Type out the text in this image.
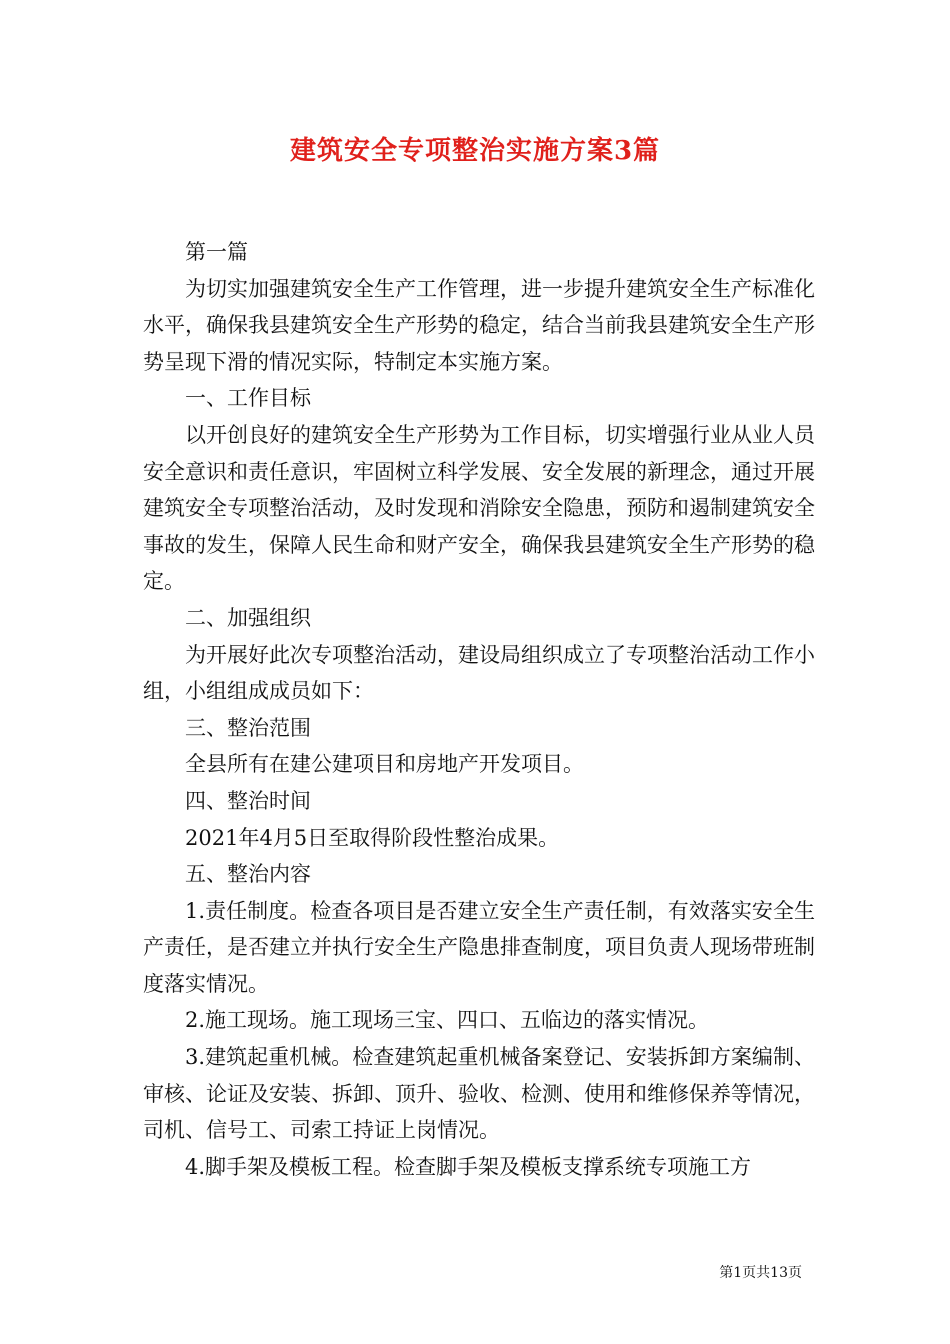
建筑安全专项整治实施方案3篇

第一篇

为切实加强建筑安全生产工作管理，进一步提升建筑安全生产标准化水平，确保我县建筑安全生产形势的稳定，结合当前我县建筑安全生产形势呈现下滑的情况实际，特制定本实施方案。

一、工作目标

以开创良好的建筑安全生产形势为工作目标，切实增强行业从业人员安全意识和责任意识，牢固树立科学发展、安全发展的新理念，通过开展建筑安全专项整治活动，及时发现和消除安全隐患，预防和遏制建筑安全事故的发生，保障人民生命和财产安全，确保我县建筑安全生产形势的稳定。

二、加强组织

为开展好此次专项整治活动，建设局组织成立了专项整治活动工作小组，小组组成成员如下：

三、整治范围

全县所有在建公建项目和房地产开发项目。

四、整治时间

2021年4月5日至取得阶段性整治成果。

五、整治内容

1.责任制度。检查各项目是否建立安全生产责任制，有效落实安全生产责任，是否建立并执行安全生产隐患排查制度，项目负责人现场带班制度落实情况。

2.施工现场。施工现场三宝、四口、五临边的落实情况。

3.建筑起重机械。检查建筑起重机械备案登记、安装拆卸方案编制、审核、论证及安装、拆卸、顶升、验收、检测、使用和维修保养等情况，司机、信号工、司索工持证上岗情况。

4.脚手架及模板工程。检查脚手架及模板支撑系统专项施工方

第1页共13页
